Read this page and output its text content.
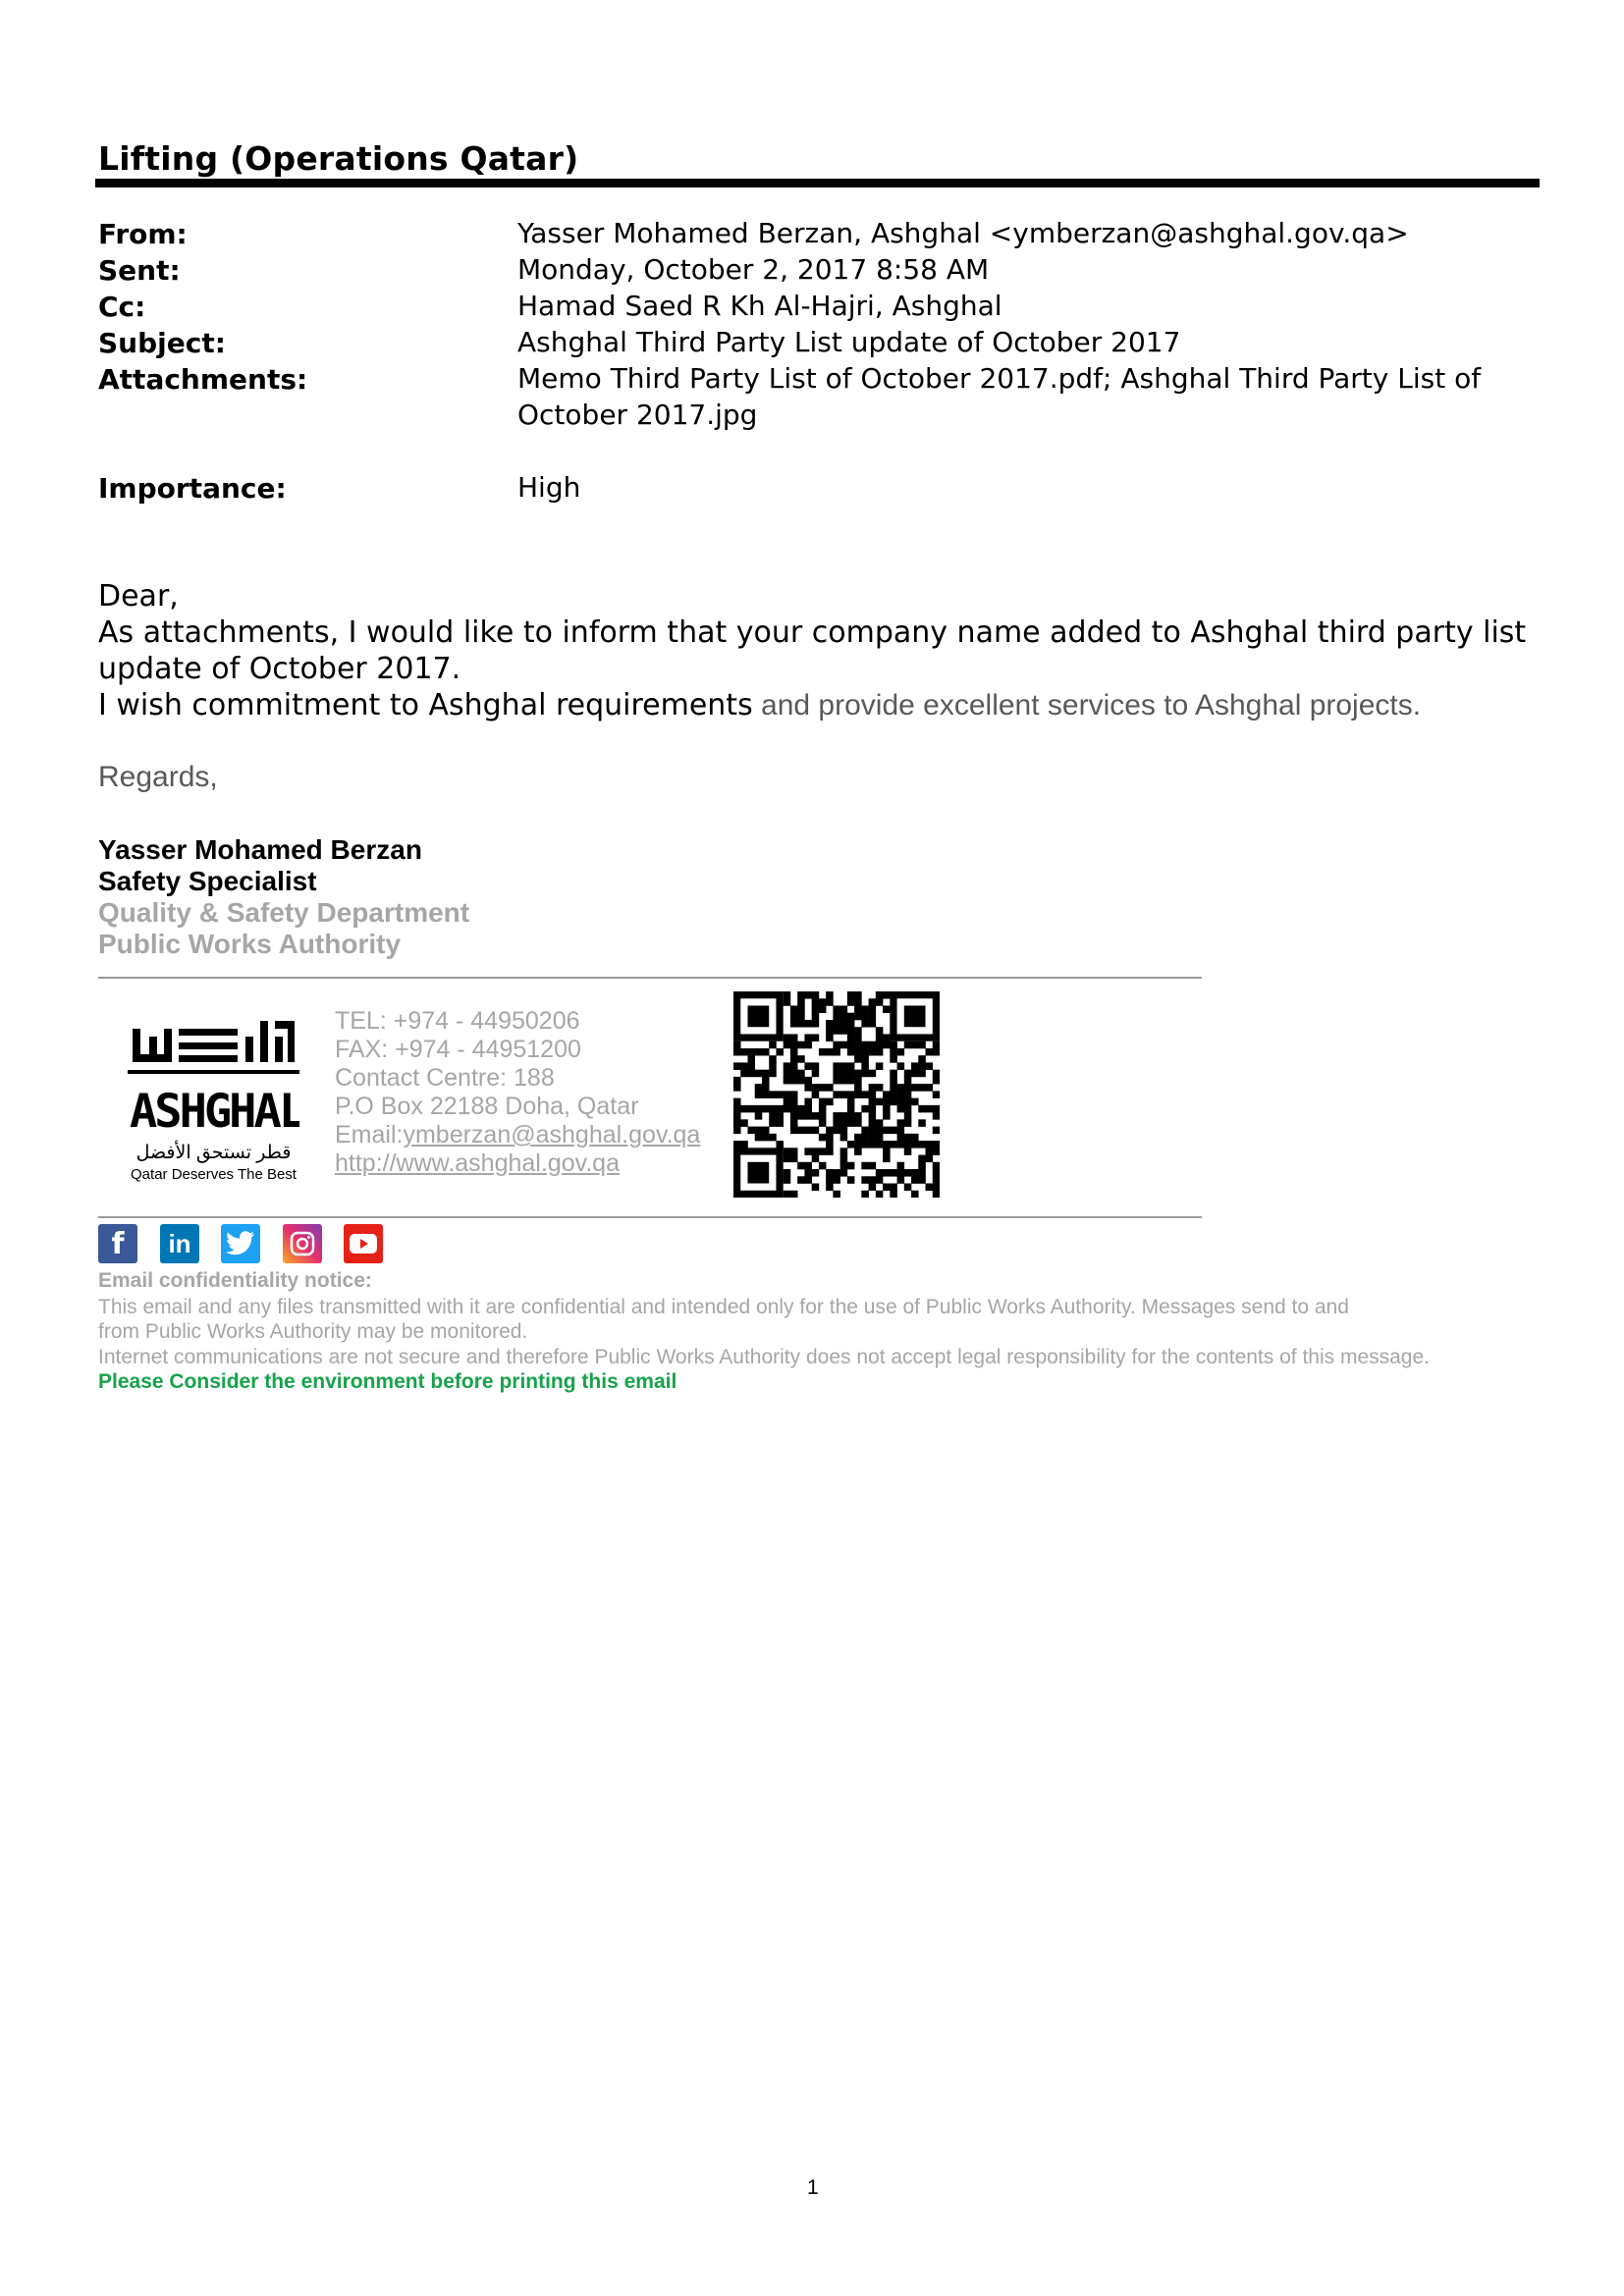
Lifting (Operations Qatar)
From:	Yasser Mohamed Berzan, Ashghal <ymberzan@ashghal.gov.qa>
Sent:	Monday, October 2, 2017 8:58 AM
Cc:	Hamad Saed R Kh Al-Hajri, Ashghal
Subject:	Ashghal Third Party List update of October 2017
Attachments:	Memo Third Party List of October 2017.pdf; Ashghal Third Party List of October 2017.jpg
Importance:	High
Dear,
As attachments, I would like to inform that your company name added to Ashghal third party list update of October 2017.
I wish commitment to Ashghal requirements and provide excellent services to Ashghal projects.
Regards,
Yasser Mohamed Berzan
Safety Specialist
Quality & Safety Department
Public Works Authority
ASHGHAL
قطر تستحق الأفضل
Qatar Deserves The Best
TEL: +974 - 44950206
FAX: +974 - 44951200
Contact Centre: 188
P.O Box 22188 Doha, Qatar
Email:ymberzan@ashghal.gov.qa
http://www.ashghal.gov.qa
f	in
Email confidentiality notice:
This email and any files transmitted with it are confidential and intended only for the use of Public Works Authority. Messages send to and
from Public Works Authority may be monitored.
Internet communications are not secure and therefore Public Works Authority does not accept legal responsibility for the contents of this message.
Please Consider the environment before printing this email
1
